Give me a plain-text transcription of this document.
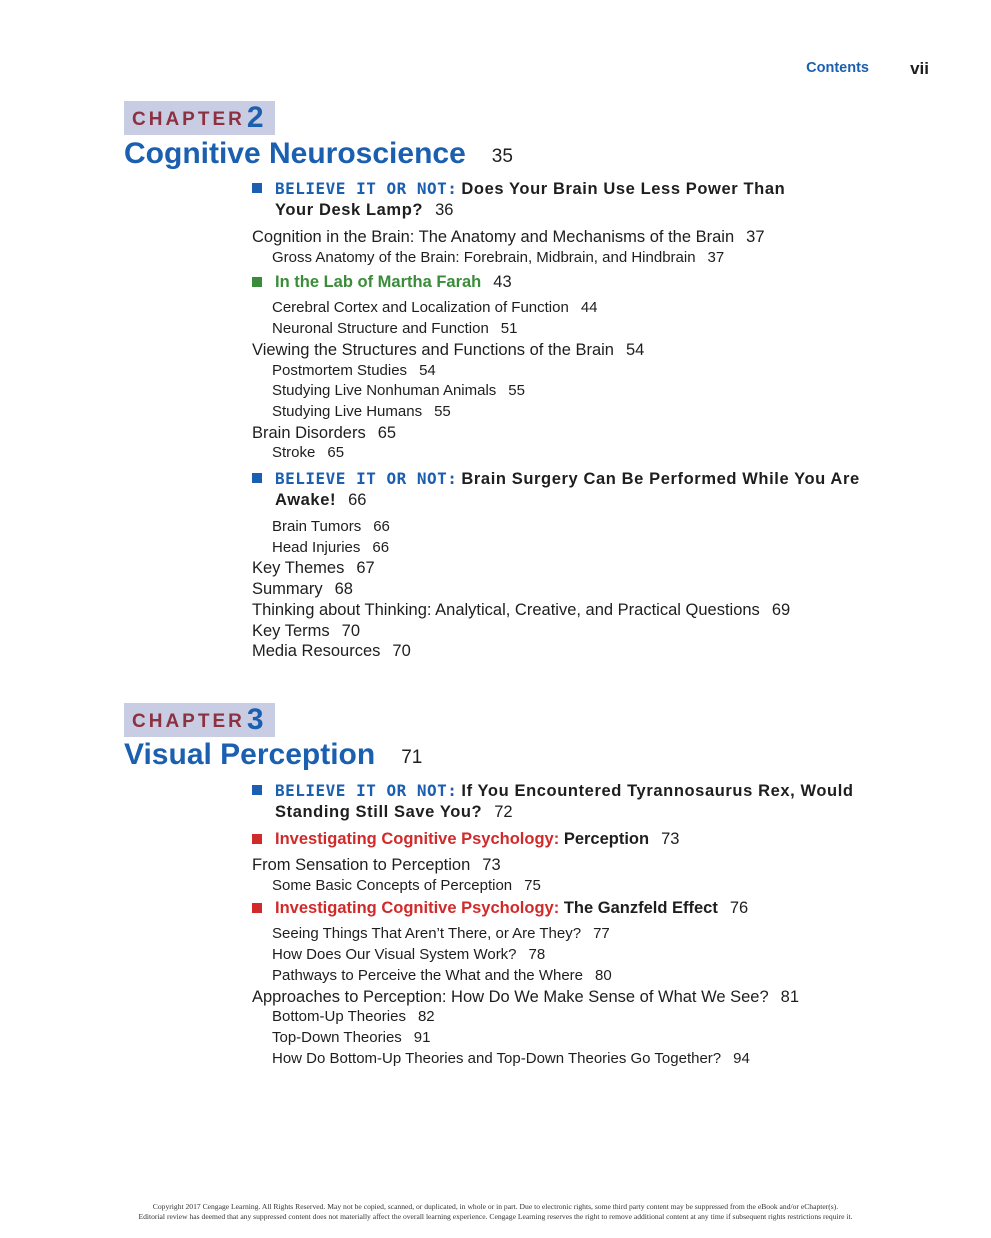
Contents vii
CHAPTER2
Cognitive Neuroscience 35
BELIEVE IT OR NOT: Does Your Brain Use Less Power Than
Your Desk Lamp? 36
Cognition in the Brain: The Anatomy and Mechanisms of the Brain 37
Gross Anatomy of the Brain: Forebrain, Midbrain, and Hindbrain 37
In the Lab of Martha Farah 43
Cerebral Cortex and Localization of Function 44
Neuronal Structure and Function 51
Viewing the Structures and Functions of the Brain 54
Postmortem Studies 54
Studying Live Nonhuman Animals 55
Studying Live Humans 55
Brain Disorders 65
Stroke 65
BELIEVE IT OR NOT: Brain Surgery Can Be Performed While You Are
Awake! 66
Brain Tumors 66
Head Injuries 66
Key Themes 67
Summary 68
Thinking about Thinking: Analytical, Creative, and Practical Questions 69
Key Terms 70
Media Resources 70
CHAPTER3
Visual Perception 71
BELIEVE IT OR NOT: If You Encountered Tyrannosaurus Rex, Would
Standing Still Save You? 72
Investigating Cognitive Psychology: Perception 73
From Sensation to Perception 73
Some Basic Concepts of Perception 75
Investigating Cognitive Psychology: The Ganzfeld Effect 76
Seeing Things That Aren’t There, or Are They? 77
How Does Our Visual System Work? 78
Pathways to Perceive the What and the Where 80
Approaches to Perception: How Do We Make Sense of What We See? 81
Bottom-Up Theories 82
Top-Down Theories 91
How Do Bottom-Up Theories and Top-Down Theories Go Together? 94
Copyright 2017 Cengage Learning. All Rights Reserved. May not be copied, scanned, or duplicated, in whole or in part. Due to electronic rights, some third party content may be suppressed from the eBook and/or eChapter(s).
Editorial review has deemed that any suppressed content does not materially affect the overall learning experience. Cengage Learning reserves the right to remove additional content at any time if subsequent rights restrictions require it.
